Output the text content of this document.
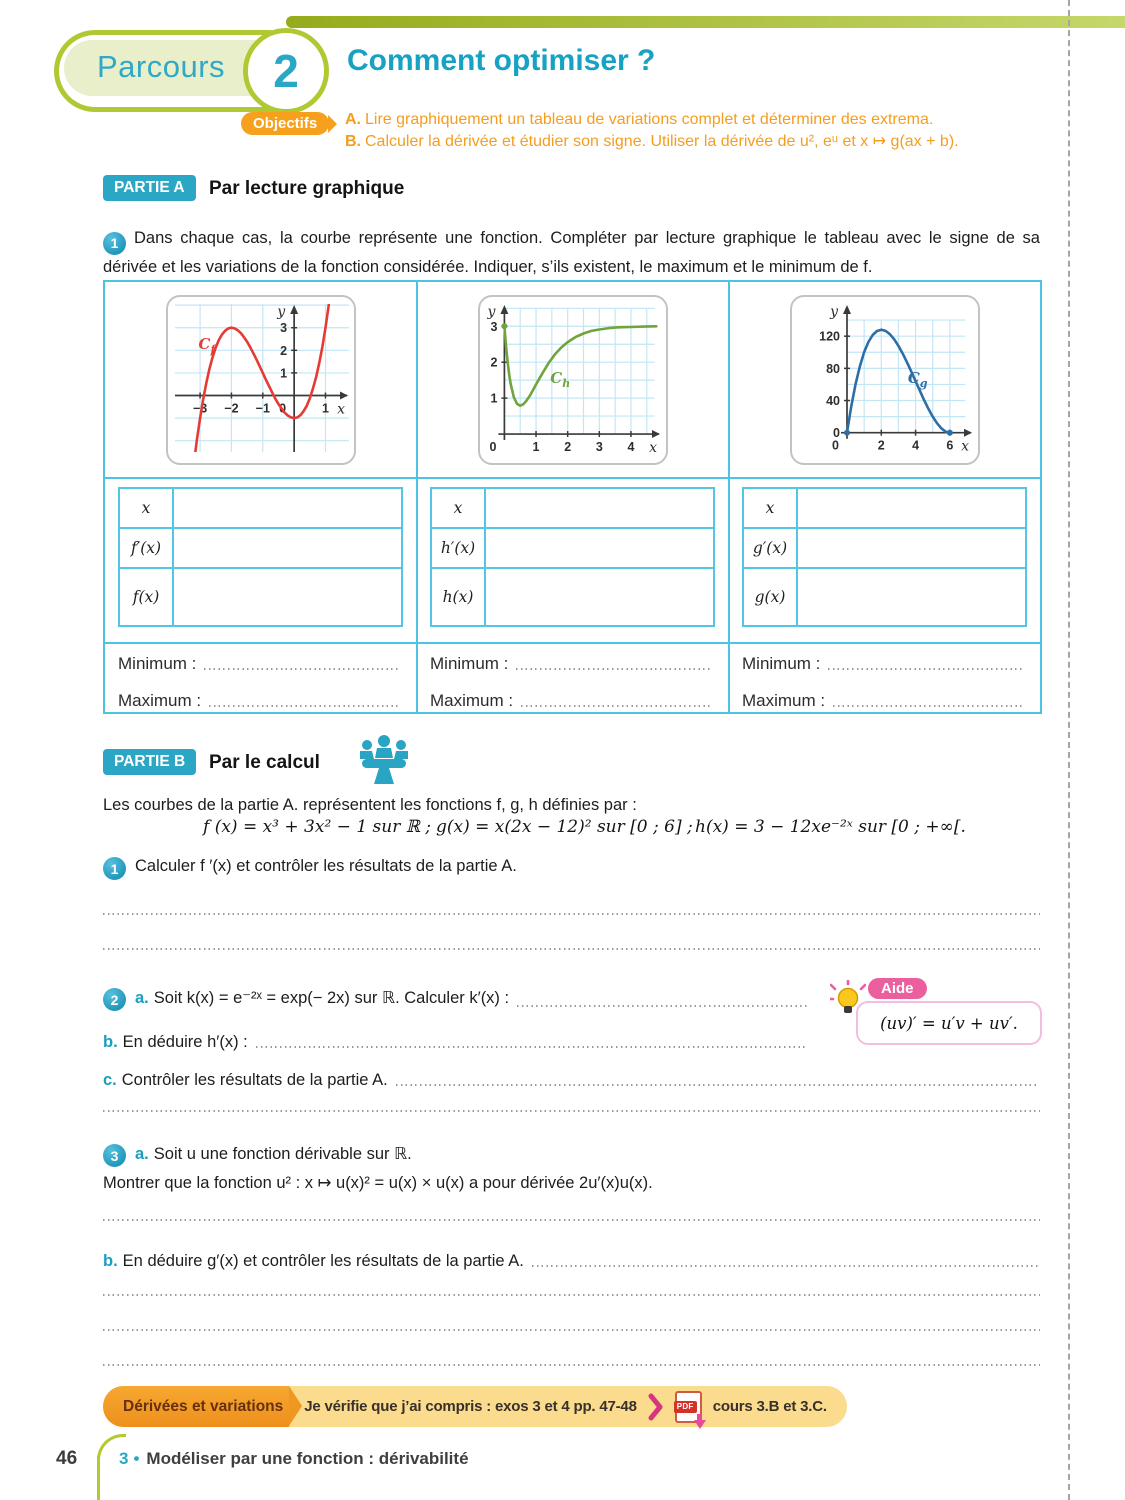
Parcours 2 Comment optimiser ?
Objectifs	A. Lire graphiquement un tableau de variations complet et déterminer des extrema.
B. Calculer la dérivée et étudier son signe. Utiliser la dérivée de u², eᵘ et x ↦ g(ax + b).
PARTIE A	Par lecture graphique

1 Dans chaque cas, la courbe représente une fonction. Compléter par lecture graphique le tableau avec le signe de sa dérivée et les variations de la fonction considérée. Indiquer, s’ils existent, le maximum et le minimum de f.

−3 −2 −1	1
1
2
3
0	x
y
$C_f$
1 2 3 4
1
2
3
0	x
y
$C_h$
2 4 6
0
40
80
120
0	x
y
$C_g$
x
f′(x)
f(x)
x
h′(x)
h(x)
x
g′(x)
g(x)
Minimum :
Maximum :
Minimum :
Maximum :
Minimum :
Maximum :
PARTIE B	Par le calcul
Les courbes de la partie A. représentent les fonctions f, g, h définies par :
f (x) = x³ + 3x² − 1 sur ℝ ; g(x) = x(2x − 12)² sur [0 ; 6] ; h(x) = 3 − 12xe⁻²ˣ sur [0 ; +∞[.
1	Calculer f ′(x) et contrôler les résultats de la partie A.
2	a. Soit k(x) = e⁻²ˣ = exp(− 2x) sur ℝ. Calculer k′(x) :
Aide
(uv)′ = u′v + uv′.
b. En déduire h′(x) :
c. Contrôler les résultats de la partie A.
3	a. Soit u une fonction dérivable sur ℝ.
Montrer que la fonction u² : x ↦ u(x)² = u(x) × u(x) a pour dérivée 2u′(x)u(x).
b. En déduire g′(x) et contrôler les résultats de la partie A.
Dérivées et variations	Je vérifie que j’ai compris : exos 3 et 4 pp. 47-48	PDF cours 3.B et 3.C.
46 3 • Modéliser par une fonction : dérivabilité
